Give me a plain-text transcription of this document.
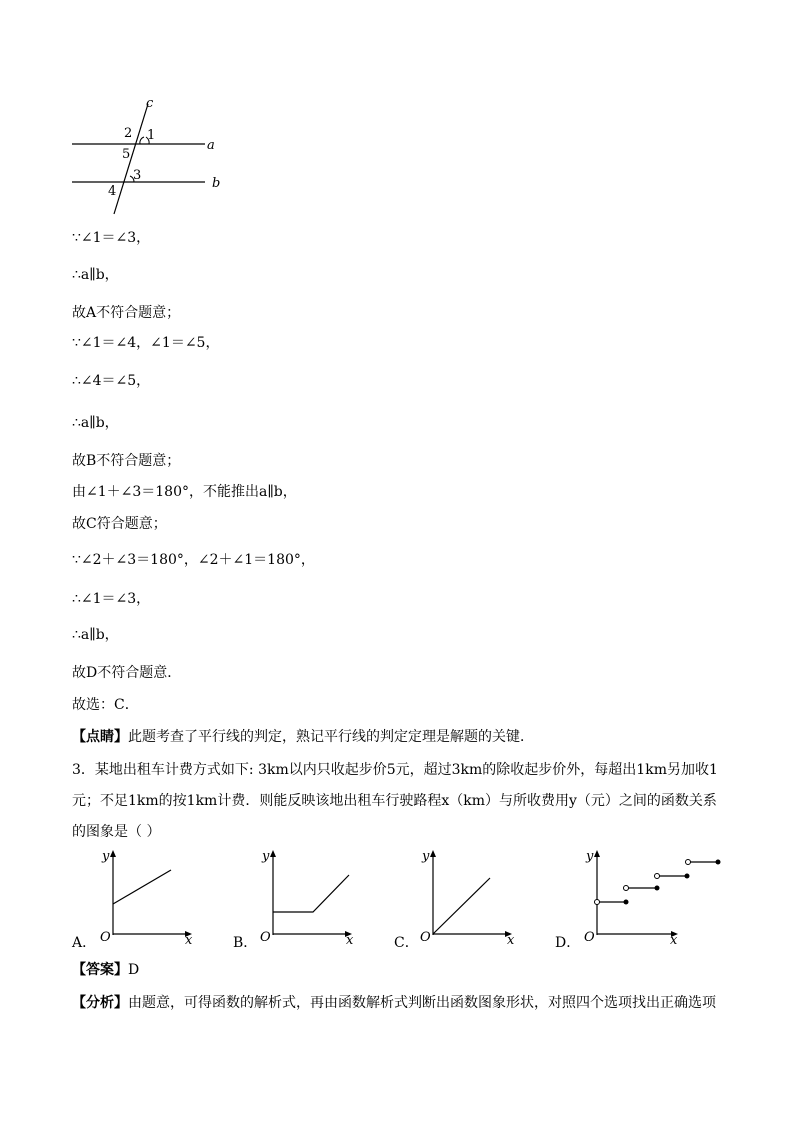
c
a
b
2 1
5
3
4
∵∠1＝∠3，
∴a∥b，
故A不符合题意；
∵∠1＝∠4，∠1＝∠5，
∴∠4＝∠5，
∴a∥b，
故B不符合题意；
由∠1＋∠3＝180°，不能推出a∥b，
故C符合题意；
∵∠2＋∠3＝180°，∠2＋∠1＝180°，
∴∠1＝∠3，
∴a∥b，
故D不符合题意．
故选：C．
【点睛】此题考查了平行线的判定，熟记平行线的判定定理是解题的关键．
3．某地出租车计费方式如下: 3km以内只收起步价5元，超过3km的除收起步价外，每超出1km另加收1
元；不足1km的按1km计费．则能反映该地出租车行驶路程x（km）与所收费用y（元）之间的函数关系
的图象是（ ）
y
x
O
y
x
O
y
x
O
y
x
O
A．	B．	C．	D．
【答案】D
【分析】由题意，可得函数的解析式，再由函数解析式判断出函数图象形状，对照四个选项找出正确选项
